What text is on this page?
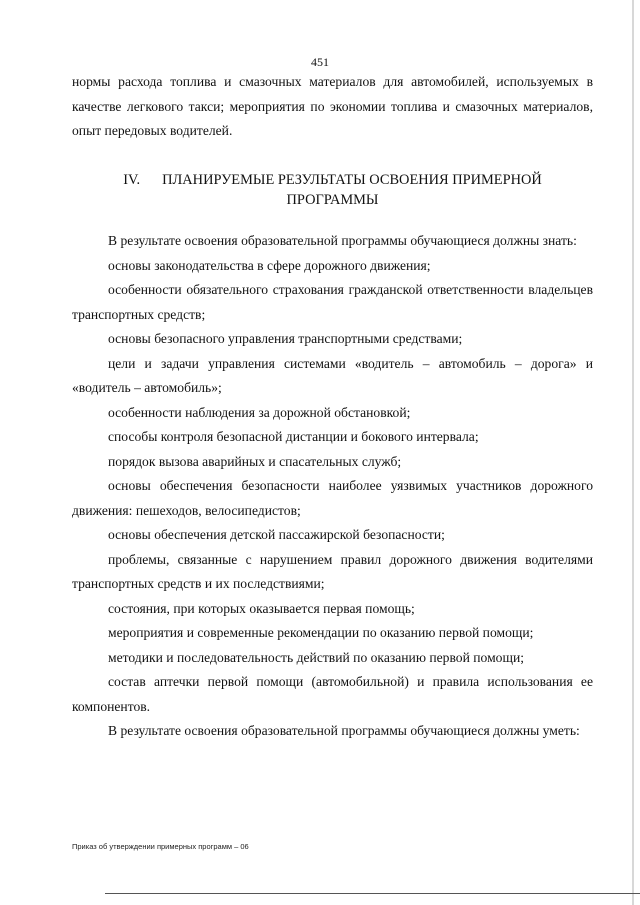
451

нормы расхода топлива и смазочных материалов для автомобилей, используемых в качестве легкового такси; мероприятия по экономии топлива и смазочных материалов, опыт передовых водителей.

IV. ПЛАНИРУЕМЫЕ РЕЗУЛЬТАТЫ ОСВОЕНИЯ ПРИМЕРНОЙ
ПРОГРАММЫ

В результате освоения образовательной программы обучающиеся должны знать:

основы законодательства в сфере дорожного движения;

особенности обязательного страхования гражданской ответственности владельцев транспортных средств;

основы безопасного управления транспортными средствами;

цели и задачи управления системами «водитель – автомобиль – дорога» и «водитель – автомобиль»;

особенности наблюдения за дорожной обстановкой;

способы контроля безопасной дистанции и бокового интервала;

порядок вызова аварийных и спасательных служб;

основы обеспечения безопасности наиболее уязвимых участников дорожного движения: пешеходов, велосипедистов;

основы обеспечения детской пассажирской безопасности;

проблемы, связанные с нарушением правил дорожного движения водителями транспортных средств и их последствиями;

состояния, при которых оказывается первая помощь;

мероприятия и современные рекомендации по оказанию первой помощи;

методики и последовательность действий по оказанию первой помощи;

состав аптечки первой помощи (автомобильной) и правила использования ее компонентов.

В результате освоения образовательной программы обучающиеся должны уметь:

Приказ об утверждении примерных программ – 06
